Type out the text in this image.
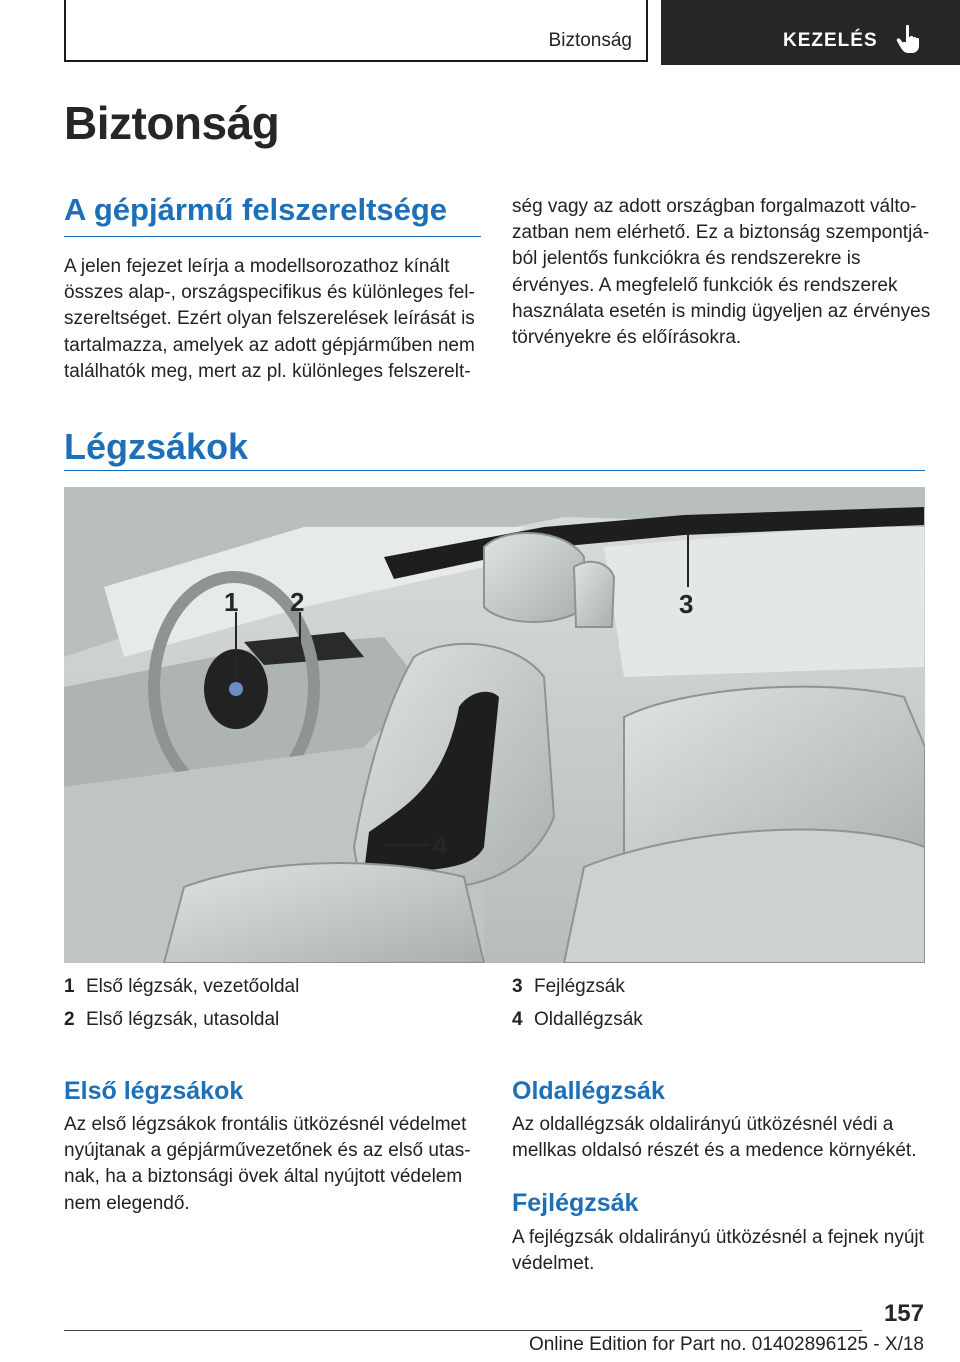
Biztonság	KEZELÉS
Biztonság
A gépjármű felszereltsége

A jelen fejezet leírja a modellsorozathoz kínált
összes alap-, országspecifikus és különleges fel-
szereltséget. Ezért olyan felszerelések leírását is
tartalmazza, amelyek az adott gépjárműben nem
találhatók meg, mert az pl. különleges felszerelt-

ség vagy az adott országban forgalmazott válto-
zatban nem elérhető. Ez a biztonság szempontjá-
ból jelentős funkciókra és rendszerekre is
érvényes. A megfelelő funkciók és rendszerek
használata esetén is mindig ügyeljen az érvényes
törvényekre és előírásokra.

Légzsákok
1 2	3
4
1 Első légzsák, vezetőoldal
2 Első légzsák, utasoldal
3 Fejlégzsák
4 Oldallégzsák
Első légzsákok

Az első légzsákok frontális ütközésnél védelmet
nyújtanak a gépjárművezetőnek és az első utas-
nak, ha a biztonsági övek által nyújtott védelem
nem elegendő.

Oldallégzsák

Az oldallégzsák oldalirányú ütközésnél védi a
mellkas oldalsó részét és a medence környékét.

Fejlégzsák

A fejlégzsák oldalirányú ütközésnél a fejnek nyújt
védelmet.

157
Online Edition for Part no. 01402896125 - X/18
